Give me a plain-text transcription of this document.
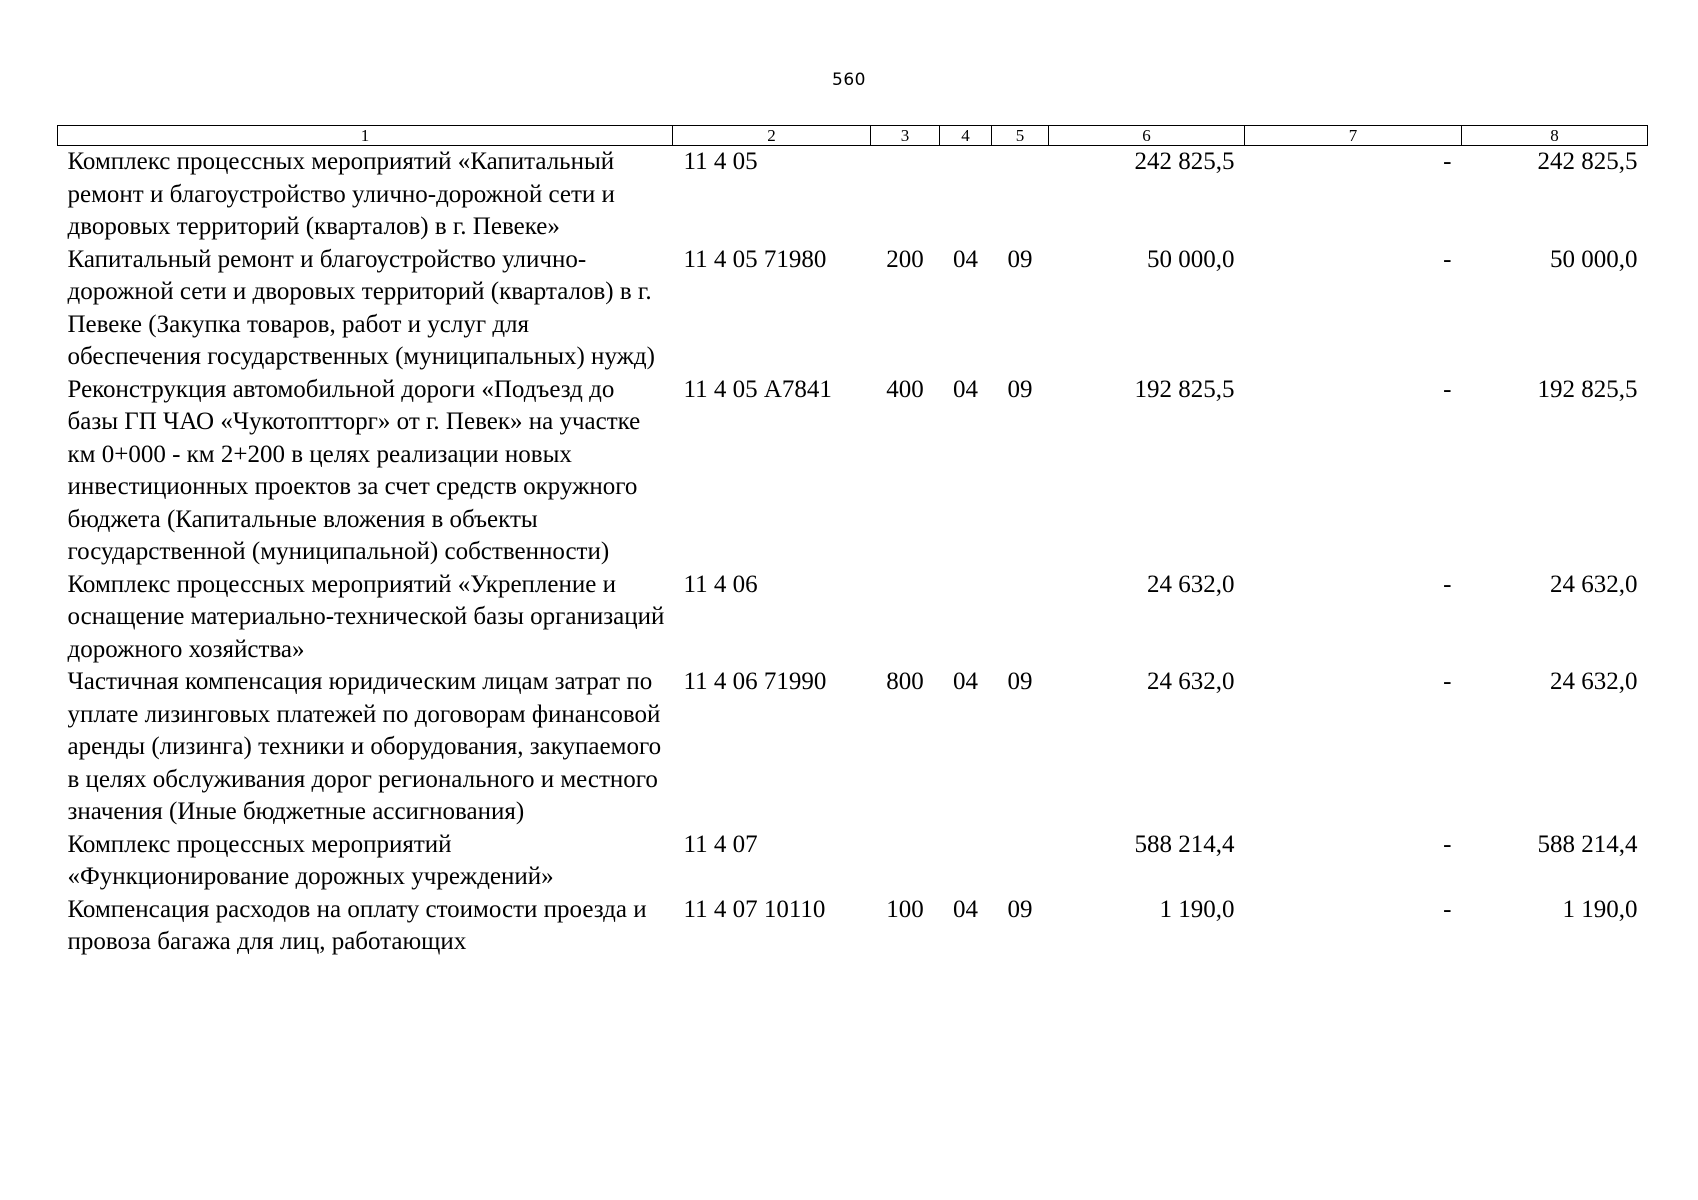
560
1	2	3	4	5	6	7	8
Комплекс процессных мероприятий «Капитальный ремонт и благоустройство улично-дорожной сети и дворовых территорий (кварталов) в г. Певеке»	11 4 05				242 825,5	-	242 825,5
Капитальный ремонт и благоустройство улично-дорожной сети и дворовых территорий (кварталов) в г. Певеке (Закупка товаров, работ и услуг для обеспечения государственных (муниципальных) нужд)	11 4 05 71980	200	04	09	50 000,0	-	50 000,0
Реконструкция автомобильной дороги «Подъезд до базы ГП ЧАО «Чукотоптторг» от г. Певек» на участке км 0+000 - км 2+200 в целях реализации новых инвестиционных проектов за счет средств окружного бюджета (Капитальные вложения в объекты государственной (муниципальной) собственности)	11 4 05 А7841	400	04	09	192 825,5	-	192 825,5
Комплекс процессных мероприятий «Укрепление и оснащение материально-технической базы организаций дорожного хозяйства»	11 4 06				24 632,0	-	24 632,0
Частичная компенсация юридическим лицам затрат по уплате лизинговых платежей по договорам финансовой аренды (лизинга) техники и оборудования, закупаемого в целях обслуживания дорог регионального и местного значения (Иные бюджетные ассигнования)	11 4 06 71990	800	04	09	24 632,0	-	24 632,0
Комплекс процессных мероприятий «Функционирование дорожных учреждений»	11 4 07				588 214,4	-	588 214,4
Компенсация расходов на оплату стоимости проезда и провоза багажа для лиц, работающих	11 4 07 10110	100	04	09	1 190,0	-	1 190,0
